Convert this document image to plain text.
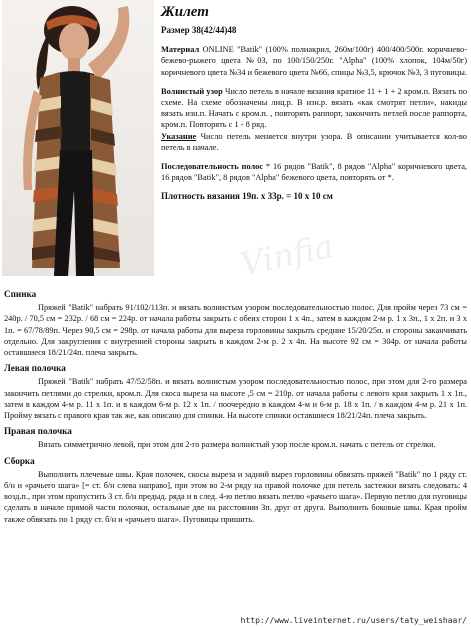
Жилет
Размер 38(42/44)48

Материал ONLINE "Batik" (100% полиакрил, 260м/100г) 400/400/500г. коричнево-бежево-рыжего цвета №03, по 100/150/250г. "Alpha" (100% хлопок, 104м/50г) коричневого цвета №34 и бежевого цвета №66, спицы №3,5, крючок №3, 3 пуговицы.

Волнистый узор Число петель в начале вязания кратное 11 + 1 + 2 кром.п. Вязать по схеме. На схеме обозначены лиц.р. В изн.р. вязать «как смотрят петли», накиды вязать изн.п. Начать с кром.п. , повторять раппорт, закончить петлей после раппорта, кром.п. Повторять с 1 - 8 ряд.
Указание Число петель меняется внутри узора. В описании учитывается кол-во петель в начале.

Последовательность полос * 16 рядов "Batik", 8 рядов "Alpha" коричневого цвета, 16 рядов "Batik", 8 рядов "Alpha" бежевого цвета, повторять от *.

Плотность вязания 19п. х 33р. = 10 х 10 см
Vinfia
Спинка

Пряжей "Batik" набрать 91/102/113п. и вязать волнистым узором последовательностью полос. Для пройм через 73 см = 240р. / 70,5 см = 232р. / 68 см = 224р. от начала работы закрыть с обеих сторон 1 х 4п., затем в каждом 2-м р. 1 х 3п., 1 х 2п. и 3 х 1п. = 67/78/89п. Через 90,5 см = 298р. от начала работы для выреза горловины закрыть средние 15/20/25п. и стороны заканчивать отдельно. Для закругления с внутренней стороны закрыть в каждом 2-м р. 2 х 4п. На высоте 92 см = 304р. от начала работы оставшиеся 18/21/24п. плеча закрыть.

Левая полочка

Пряжей "Batik" набрать 47/52/58п. и вязать волнистым узором последовательностью полос, при этом для 2-го размера закончить петлями до стрелки, кром.п. Для скоса выреза на высоте ,5 см = 210р. от начала работы с левого края закрыть 1 х 1п., затем в каждом 4-м р. 11 х 1п. и в каждом 6-м р. 12 х 1п. / поочередно в каждом 4-м и 6-м р. 18 х 1п. / в каждом 4-м р. 21 х 1п. Пройму вязать с правого края так же, как описано для спинки. На высоте спинки оставшиеся 18/21/24п. плеча закрыть.

Правая полочка

Вязать симметрично левой, при этом для 2-го размера волнистый узор после кром.п. начать с петель от стрелки.

Сборка

Выполнить плечевые швы. Края полочек, скосы выреза и задний вырез горловины обвязать пряжей "Batik" по 1 ряду ст. б/н и «рачьего шага» [= ст. б/н слева направо], при этом во 2-м ряду на правой полочке для петель застежки вязать следовать: 4 возд.п., при этом пропустить 3 ст. б/н предыд. ряда и в след. 4-ю петлю вязать петлю «рачьего шага». Первую петлю для пуговицы сделать в начале прямой части полочки, остальные две на расстоянии 3п. друг от друга. Выполнить боковые швы. Края пройм также обвязать по 1 ряду ст. б/н и «рачьего шага». Пуговицы пришить.

http://www.liveinternet.ru/users/taty_weishaar/
